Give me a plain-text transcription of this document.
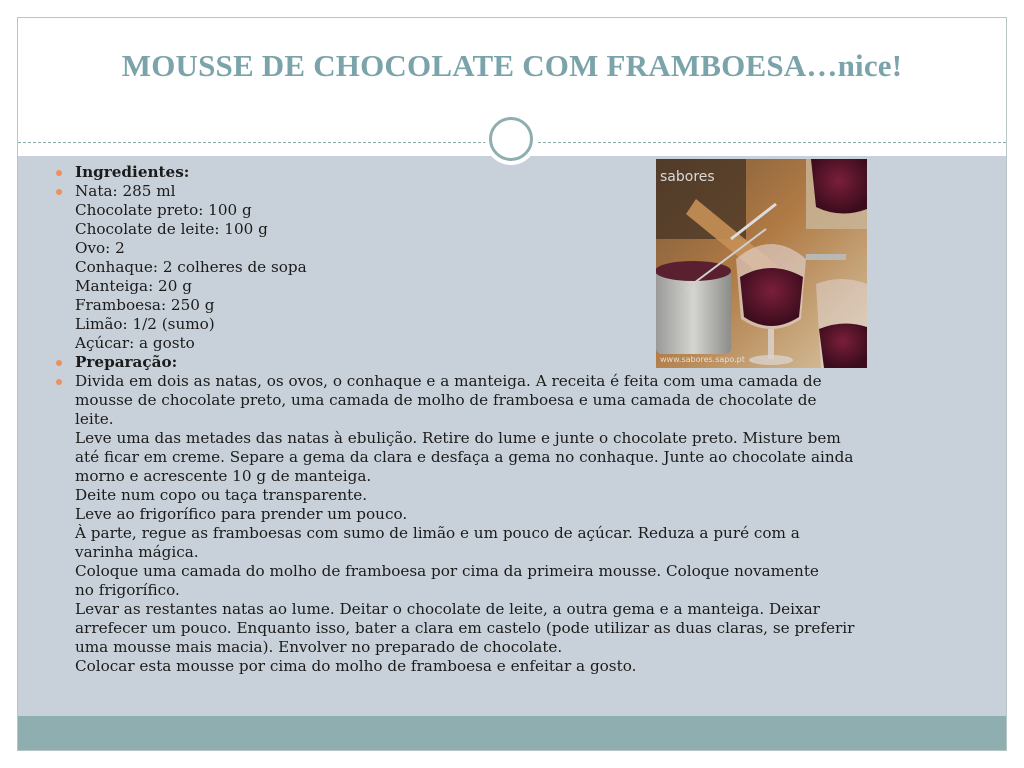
MOUSSE DE CHOCOLATE COM FRAMBOESA…nice!
sabores
www.sabores.sapo.pt
Ingredientes:
Nata: 285 ml
Chocolate preto: 100 g
Chocolate de leite: 100 g
Ovo: 2
Conhaque: 2 colheres de sopa
Manteiga: 20 g
Framboesa: 250 g
Limão: 1/2 (sumo)
Açúcar: a gosto
Preparação:
Divida em dois as natas, os ovos, o conhaque e a manteiga. A receita é feita com uma camada de
mousse de chocolate preto, uma camada de molho de framboesa e uma camada de chocolate de
leite.
Leve uma das metades das natas à ebulição. Retire do lume e junte o chocolate preto. Misture bem
até ficar em creme. Separe a gema da clara e desfaça a gema no conhaque. Junte ao chocolate ainda
morno e acrescente 10 g de manteiga.
Deite num copo ou taça transparente.
Leve ao frigorífico para prender um pouco.
À parte, regue as framboesas com sumo de limão e um pouco de açúcar. Reduza a puré com a
varinha mágica.
Coloque uma camada do molho de framboesa por cima da primeira mousse. Coloque novamente
no frigorífico.
Levar as restantes natas ao lume. Deitar o chocolate de leite, a outra gema e a manteiga. Deixar
arrefecer um pouco. Enquanto isso, bater a clara em castelo (pode utilizar as duas claras, se preferir
uma mousse mais macia). Envolver no preparado de chocolate.
Colocar esta mousse por cima do molho de framboesa e enfeitar a gosto.
